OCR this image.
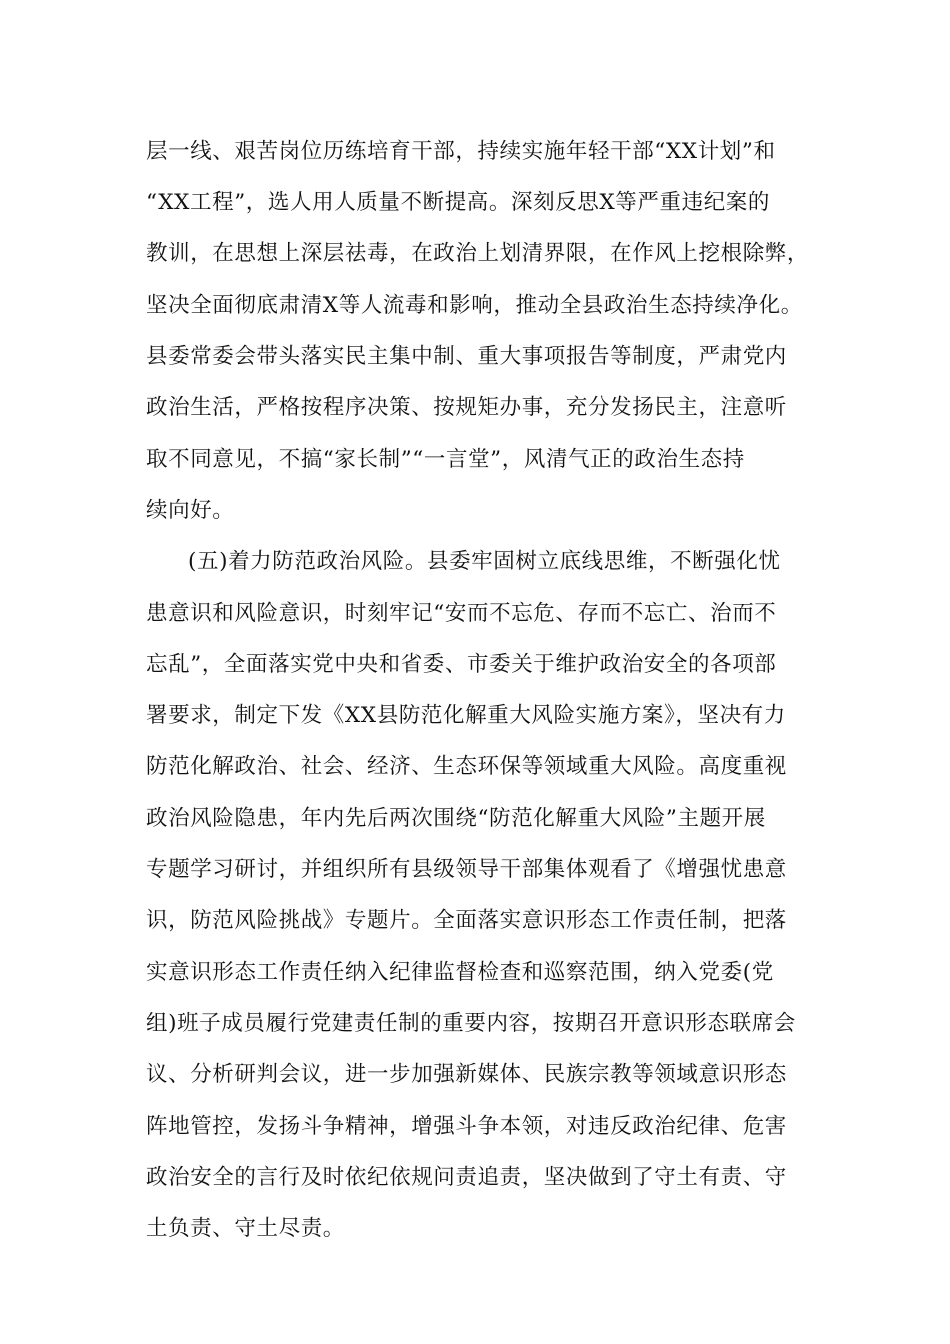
层一线、艰苦岗位历练培育干部，持续实施年轻干部“XX计划”和
“XX工程”，选人用人质量不断提高。深刻反思X等严重违纪案的
教训，在思想上深层祛毒，在政治上划清界限，在作风上挖根除弊，
坚决全面彻底肃清X等人流毒和影响，推动全县政治生态持续净化。
县委常委会带头落实民主集中制、重大事项报告等制度，严肃党内
政治生活，严格按程序决策、按规矩办事，充分发扬民主，注意听
取不同意见，不搞“家长制”“一言堂”，风清气正的政治生态持
续向好。
(五)着力防范政治风险。县委牢固树立底线思维，不断强化忧
患意识和风险意识，时刻牢记“安而不忘危、存而不忘亡、治而不
忘乱”，全面落实党中央和省委、市委关于维护政治安全的各项部
署要求，制定下发《XX县防范化解重大风险实施方案》，坚决有力
防范化解政治、社会、经济、生态环保等领域重大风险。高度重视
政治风险隐患，年内先后两次围绕“防范化解重大风险”主题开展
专题学习研讨，并组织所有县级领导干部集体观看了《增强忧患意
识，防范风险挑战》专题片。全面落实意识形态工作责任制，把落
实意识形态工作责任纳入纪律监督检查和巡察范围，纳入党委(党
组)班子成员履行党建责任制的重要内容，按期召开意识形态联席会
议、分析研判会议，进一步加强新媒体、民族宗教等领域意识形态
阵地管控，发扬斗争精神，增强斗争本领，对违反政治纪律、危害
政治安全的言行及时依纪依规问责追责，坚决做到了守土有责、守
土负责、守土尽责。
